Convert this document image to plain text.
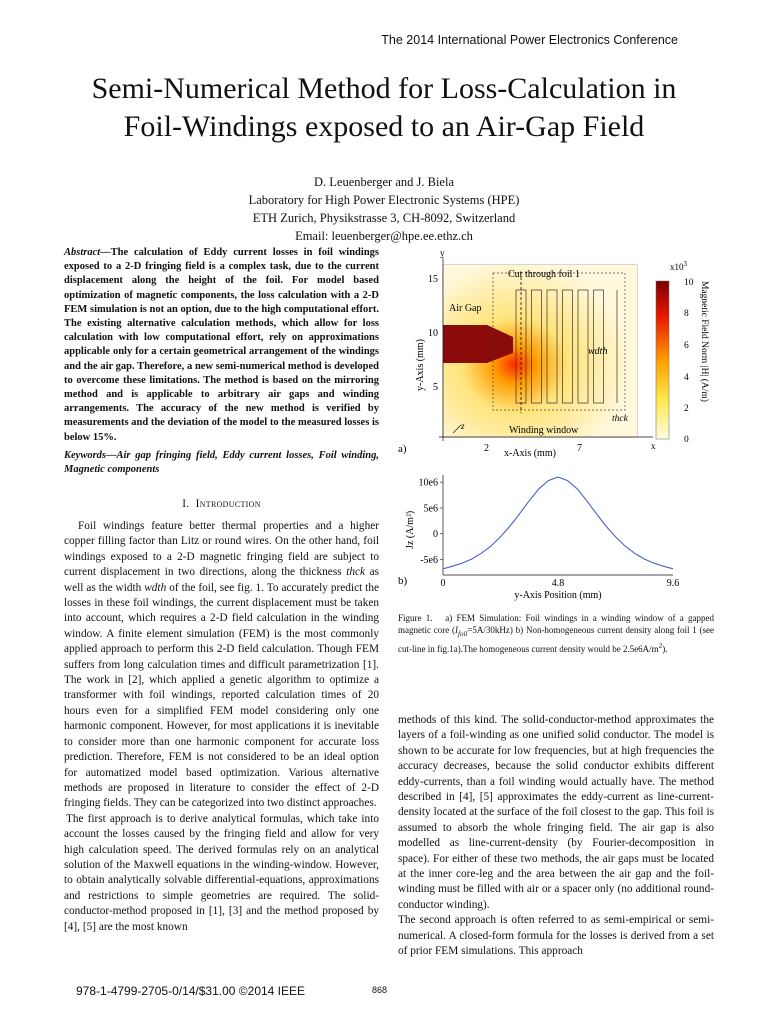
The 2014 International Power Electronics Conference
Semi-Numerical Method for Loss-Calculation in
Foil-Windings exposed to an Air-Gap Field
D. Leuenberger and J. Biela
Laboratory for High Power Electronic Systems (HPE)
ETH Zurich, Physikstrasse 3, CH-8092, Switzerland
Email: leuenberger@hpe.ee.ethz.ch
Abstract—The calculation of Eddy current losses in foil windings exposed to a 2-D fringing field is a complex task, due to the current displacement along the height of the foil. For model based optimization of magnetic components, the loss calculation with a 2-D FEM simulation is not an option, due to the high computational effort. The existing alternative calculation methods, which allow for loss calculation with low computational effort, rely on approximations applicable only for a certain geometrical arrangement of the windings and the air gap. Therefore, a new semi-numerical method is developed to overcome these limitations. The method is based on the mirroring method and is applicable to arbitrary air gaps and winding arrangements. The accuracy of the new method is verified by measurements and the deviation of the model to the measured losses is below 15%.
Keywords—Air gap fringing field, Eddy current losses, Foil winding, Magnetic components
I. Introduction

Foil windings feature better thermal properties and a higher copper filling factor than Litz or round wires. On the other hand, foil windings exposed to a 2-D magnetic fringing field are subject to current displacement in two directions, along the thickness thck as well as the width wdth of the foil, see fig. 1. To accurately predict the losses in these foil windings, the current displacement must be taken into account, which requires a 2-D field calculation in the winding window. A finite element simulation (FEM) is the most commonly applied approach to perform this 2-D field calculation. Though FEM suffers from long calculation times and difficult parametrization [1]. The work in [2], which applied a genetic algorithm to optimize a transformer with foil windings, reported calculation times of 20 hours even for a simplified FEM model considering only one harmonic component. However, for most applications it is inevitable to consider more than one harmonic component for accurate loss prediction. Therefore, FEM is not considered to be an ideal option for automatized model based optimization. Various alternative methods are proposed in literature to consider the effect of 2-D fringing fields. They can be categorized into two distinct approaches.

The first approach is to derive analytical formulas, which take into account the losses caused by the fringing field and allow for very high calculation speed. The derived formulas rely on an analytical solution of the Maxwell equations in the winding-window. However, to obtain analytically solvable differential-equations, approximations and restrictions to simple geometries are required. The solid-conductor-method proposed in [1], [3] and the method proposed by [4], [5] are the most known

wdth
thck
Cut through foil 1
Air Gap
Winding window
y
x
z
15
10
5
2	7
x-Axis (mm)
y-Axis (mm)
a)
$x10^3$
10
8
6
4
2
0
Magnetic Field Norm |H| (A/m)
10e6
5e6
0
-5e6
0	4.8	9.6
y-Axis Position (mm)
Jz (A/m²)
b)
Figure 1. a) FEM Simulation: Foil windings in a winding window of a gapped magnetic core $(I_{foil}=5A/30kHz)$ b) Non-homogeneous current density along foil 1 (see cut-line in fig.1a).The homogeneous current density would be $2.5e6A/m^2$).

methods of this kind. The solid-conductor-method approximates the layers of a foil-winding as one unified solid conductor. The model is shown to be accurate for low frequencies, but at high frequencies the accuracy decreases, because the solid conductor exhibits different eddy-currents, than a foil winding would actually have. The method described in [4], [5] approximates the eddy-current as line-current-density located at the surface of the foil closest to the gap. This foil is assumed to absorb the whole fringing field. The air gap is also modelled as line-current-density (by Fourier-decomposition in space). For either of these two methods, the air gaps must be located at the inner core-leg and the area between the air gap and the foil-winding must be filled with air or a spacer only (no additional round-conductor winding).

The second approach is often referred to as semi-empirical or semi-numerical. A closed-form formula for the losses is derived from a set of prior FEM simulations. This approach

978-1-4799-2705-0/14/$31.00 ©2014 IEEE	868
